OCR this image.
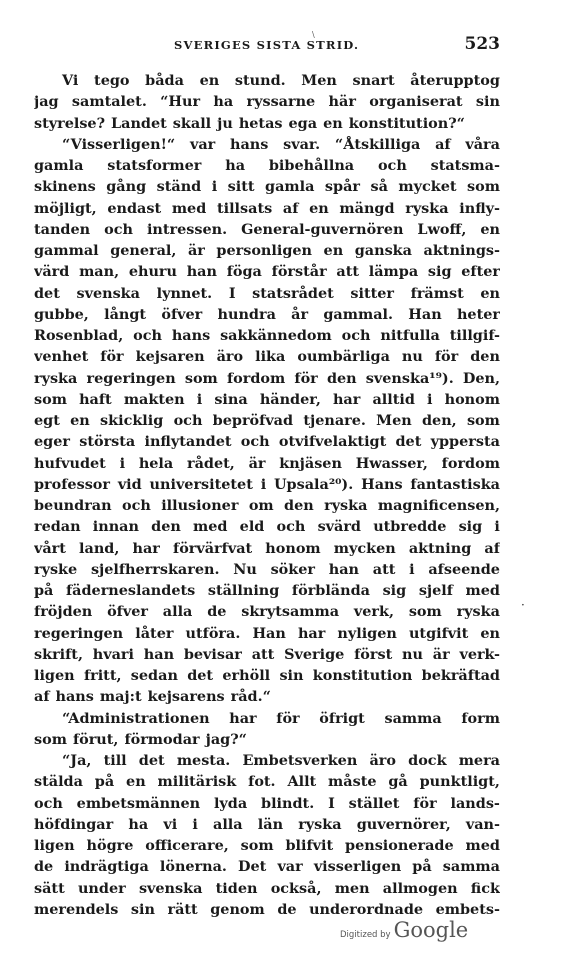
SVERIGES SISTA STRID.	523
\
Vi tego båda en stund. Men snart återupptog
jag samtalet. “Hur ha ryssarne här organiserat sin
styrelse? Landet skall ju hetas ega en konstitution?“
“Visserligen!“ var hans svar. “Åtskilliga af våra
gamla statsformer ha bibehållna och statsma-
skinens gång ständ i sitt gamla spår så mycket som
möjligt, endast med tillsats af en mängd ryska infly-
tanden och intressen. General-guvernören Lwoff, en
gammal general, är personligen en ganska aktnings-
värd man, ehuru han föga förstår att lämpa sig efter
det svenska lynnet. I statsrådet sitter främst en
gubbe, långt öfver hundra år gammal. Han heter
Rosenblad, och hans sakkännedom och nitfulla tillgif-
venhet för kejsaren äro lika oumbärliga nu för den
ryska regeringen som fordom för den svenska¹⁹). Den,
som haft makten i sina händer, har alltid i honom
egt en skicklig och bepröfvad tjenare. Men den, som
eger största inflytandet och otvifvelaktigt det yppersta
hufvudet i hela rådet, är knjäsen Hwasser, fordom
professor vid universitetet i Upsala²⁰). Hans fantastiska
beundran och illusioner om den ryska magnificensen,
redan innan den med eld och svärd utbredde sig i
vårt land, har förvärfvat honom mycken aktning af
ryske sjelfherrskaren. Nu söker han att i afseende
på fäderneslandets ställning förblända sig sjelf med
fröjden öfver alla de skrytsamma verk, som ryska
regeringen låter utföra. Han har nyligen utgifvit en
skrift, hvari han bevisar att Sverige först nu är verk-
ligen fritt, sedan det erhöll sin konstitution bekräftad
af hans maj:t kejsarens råd.“
“Administrationen har för öfrigt samma form
som förut, förmodar jag?“
“Ja, till det mesta. Embetsverken äro dock mera
stälda på en militärisk fot. Allt måste gå punktligt,
och embetsmännen lyda blindt. I stället för lands-
höfdingar ha vi i alla län ryska guvernörer, van-
ligen högre officerare, som blifvit pensionerade med
de indrägtiga lönerna. Det var visserligen på samma
sätt under svenska tiden också, men allmogen fick
merendels sin rätt genom de underordnade embets-
·
Digitized by Google
